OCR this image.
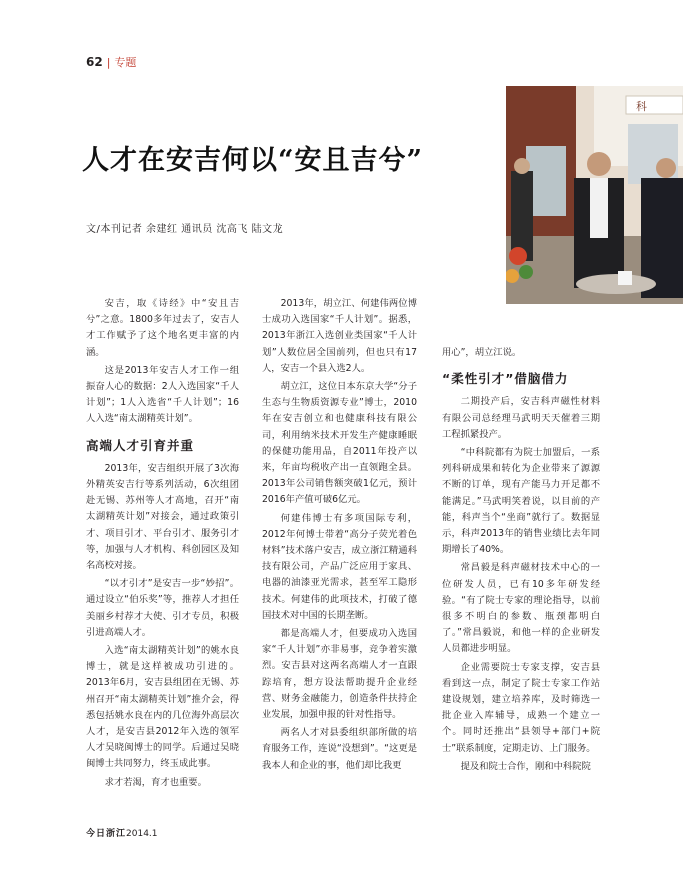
62 | 专题
科
人才在安吉何以“安且吉兮”
文/本刊记者 余建红 通讯员 沈高飞 陆文龙

安吉，取《诗经》中“安且吉兮”之意。1800多年过去了，安吉人才工作赋予了这个地名更丰富的内涵。

这是2013年安吉人才工作一组振奋人心的数据：2人入选国家“千人计划”；1人入选省“千人计划”；16人入选“南太湖精英计划”。

高端人才引育并重

2013年，安吉组织开展了3次海外精英安吉行等系列活动，6次组团赴无锡、苏州等人才高地，召开“南太湖精英计划”对接会，通过政策引才、项目引才、平台引才、服务引才等，加强与人才机构、科创园区及知名高校对接。

“以才引才”是安吉一步“妙招”。通过设立“伯乐奖”等，推荐人才担任美丽乡村荐才大使、引才专员，积极引进高端人才。

入选“南太湖精英计划”的姚水良博士，就是这样被成功引进的。2013年6月，安吉县组团在无锡、苏州召开“南太湖精英计划”推介会，得悉包括姚水良在内的几位海外高层次人才，是安吉县2012年入选的领军人才吴晓闽博士的同学。后通过吴晓闽博士共同努力，终玉成此事。

求才若渴，育才也重要。

2013年，胡立江、何建伟两位博士成功入选国家“千人计划”。据悉，2013年浙江入选创业类国家“千人计划”人数位居全国前列，但也只有17人，安吉一个县入选2人。

胡立江，这位日本东京大学“分子生态与生物质资源专业”博士，2010年在安吉创立和也健康科技有限公司，利用纳米技术开发生产健康睡眠的保健功能用品，自2011年投产以来，年亩均税收产出一直领跑全县。2013年公司销售额突破1亿元，预计2016年产值可破6亿元。

何建伟博士有多项国际专利，2012年何博士带着“高分子荧光着色材料”技术落户安吉，成立浙江精通科技有限公司，产品广泛应用于家具、电器的油漆亚光需求，甚至军工隐形技术。何建伟的此项技术，打破了德国技术对中国的长期垄断。

都是高端人才，但要成功入选国家“千人计划”亦非易事，竞争着实激烈。安吉县对这两名高端人才一直跟踪培育，想方设法帮助提升企业经营、财务金融能力，创造条件扶持企业发展，加强申报的针对性指导。

两名人才对县委组织部所做的培育服务工作，连说“没想到”。“这更是我本人和企业的事，他们却比我更

用心”，胡立江说。

“柔性引才”借脑借力

二期投产后，安吉科声磁性材料有限公司总经理马武明天天催着三期工程抓紧投产。

“中科院都有为院士加盟后，一系列科研成果和转化为企业带来了源源不断的订单，现有产能马力开足都不能满足。”马武明笑着说，以目前的产能，科声当个“坐商”就行了。数据显示，科声2013年的销售业绩比去年同期增长了40%。

常昌毅是科声磁材技术中心的一位研发人员，已有10多年研发经验。“有了院士专家的理论指导，以前很多不明白的参数、瓶颈都明白了。”常昌毅说，和他一样的企业研发人员都进步明显。

企业需要院士专家支撑，安吉县看到这一点，制定了院士专家工作站建设规划，建立培养库，及时筛选一批企业入库辅导，成熟一个建立一个。同时还推出“县领导+部门+院士”联系制度，定期走访、上门服务。

提及和院士合作，刚和中科院院

今日浙江2014.1
